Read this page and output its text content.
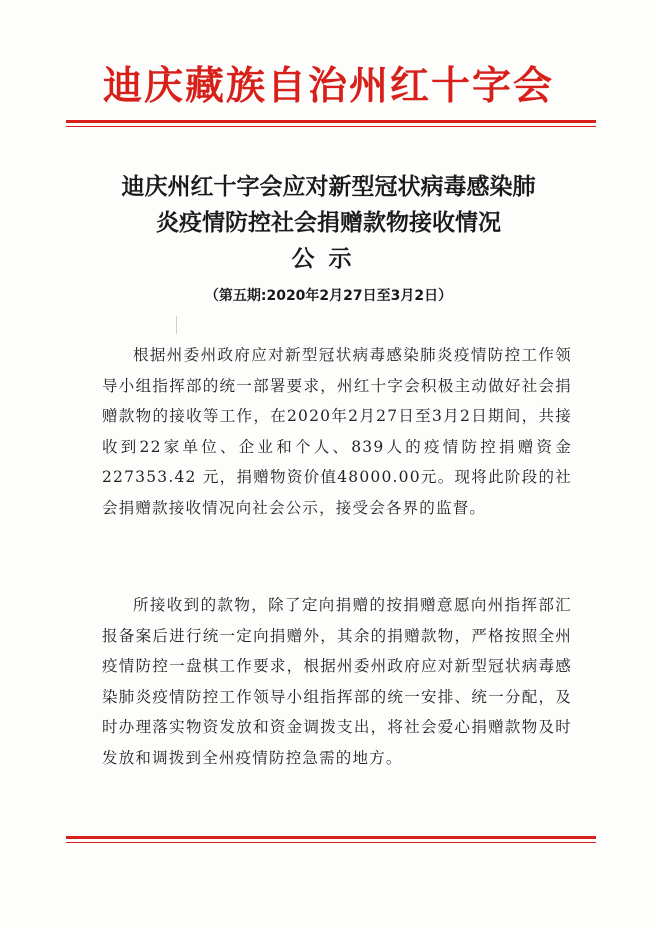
迪庆藏族自治州红十字会
迪庆州红十字会应对新型冠状病毒感染肺
炎疫情防控社会捐赠款物接收情况
公示
（第五期:2020年2月27日至3月2日）

根据州委州政府应对新型冠状病毒感染肺炎疫情防控工作领导小组指挥部的统一部署要求，州红十字会积极主动做好社会捐赠款物的接收等工作，在2020年2月27日至3月2日期间，共接收到22家单位、企业和个人、839人的疫情防控捐赠资金227353.42 元，捐赠物资价值48000.00元。现将此阶段的社会捐赠款接收情况向社会公示，接受会各界的监督。

所接收到的款物，除了定向捐赠的按捐赠意愿向州指挥部汇报备案后进行统一定向捐赠外，其余的捐赠款物，严格按照全州疫情防控一盘棋工作要求，根据州委州政府应对新型冠状病毒感染肺炎疫情防控工作领导小组指挥部的统一安排、统一分配，及时办理落实物资发放和资金调拨支出，将社会爱心捐赠款物及时发放和调拨到全州疫情防控急需的地方。
